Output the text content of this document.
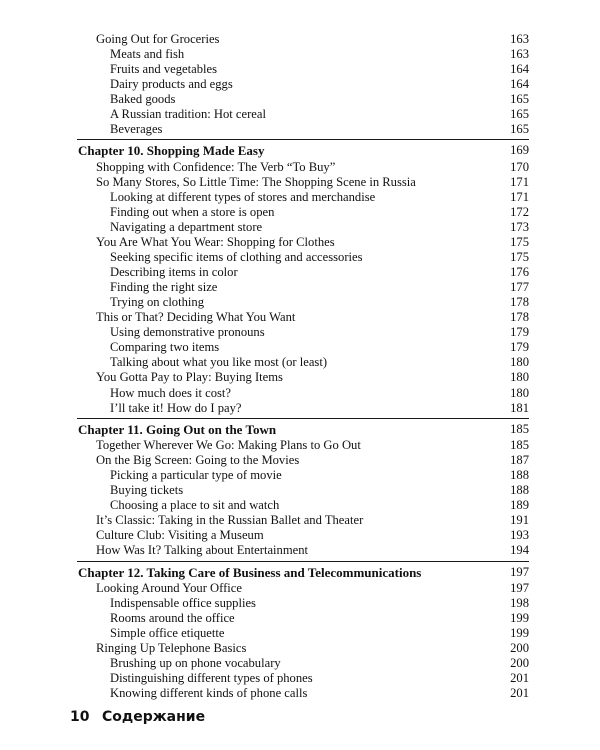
Going Out for Groceries	163
Meats and fish	163
Fruits and vegetables	164
Dairy products and eggs	164
Baked goods	165
A Russian tradition: Hot cereal	165
Beverages	165
Chapter 10. Shopping Made Easy	169
Shopping with Confidence: The Verb “To Buy”	170
So Many Stores, So Little Time: The Shopping Scene in Russia	171
Looking at different types of stores and merchandise	171
Finding out when a store is open	172
Navigating a department store	173
You Are What You Wear: Shopping for Clothes	175
Seeking specific items of clothing and accessories	175
Describing items in color	176
Finding the right size	177
Trying on clothing	178
This or That? Deciding What You Want	178
Using demonstrative pronouns	179
Comparing two items	179
Talking about what you like most (or least)	180
You Gotta Pay to Play: Buying Items	180
How much does it cost?	180
I’ll take it! How do I pay?	181
Chapter 11. Going Out on the Town	185
Together Wherever We Go: Making Plans to Go Out	185
On the Big Screen: Going to the Movies	187
Picking a particular type of movie	188
Buying tickets	188
Choosing a place to sit and watch	189
It’s Classic: Taking in the Russian Ballet and Theater	191
Culture Club: Visiting a Museum	193
How Was It? Talking about Entertainment	194
Chapter 12. Taking Care of Business and Telecommunications	197
Looking Around Your Office	197
Indispensable office supplies	198
Rooms around the office	199
Simple office etiquette	199
Ringing Up Telephone Basics	200
Brushing up on phone vocabulary	200
Distinguishing different types of phones	201
Knowing different kinds of phone calls	201
10 Содержание
